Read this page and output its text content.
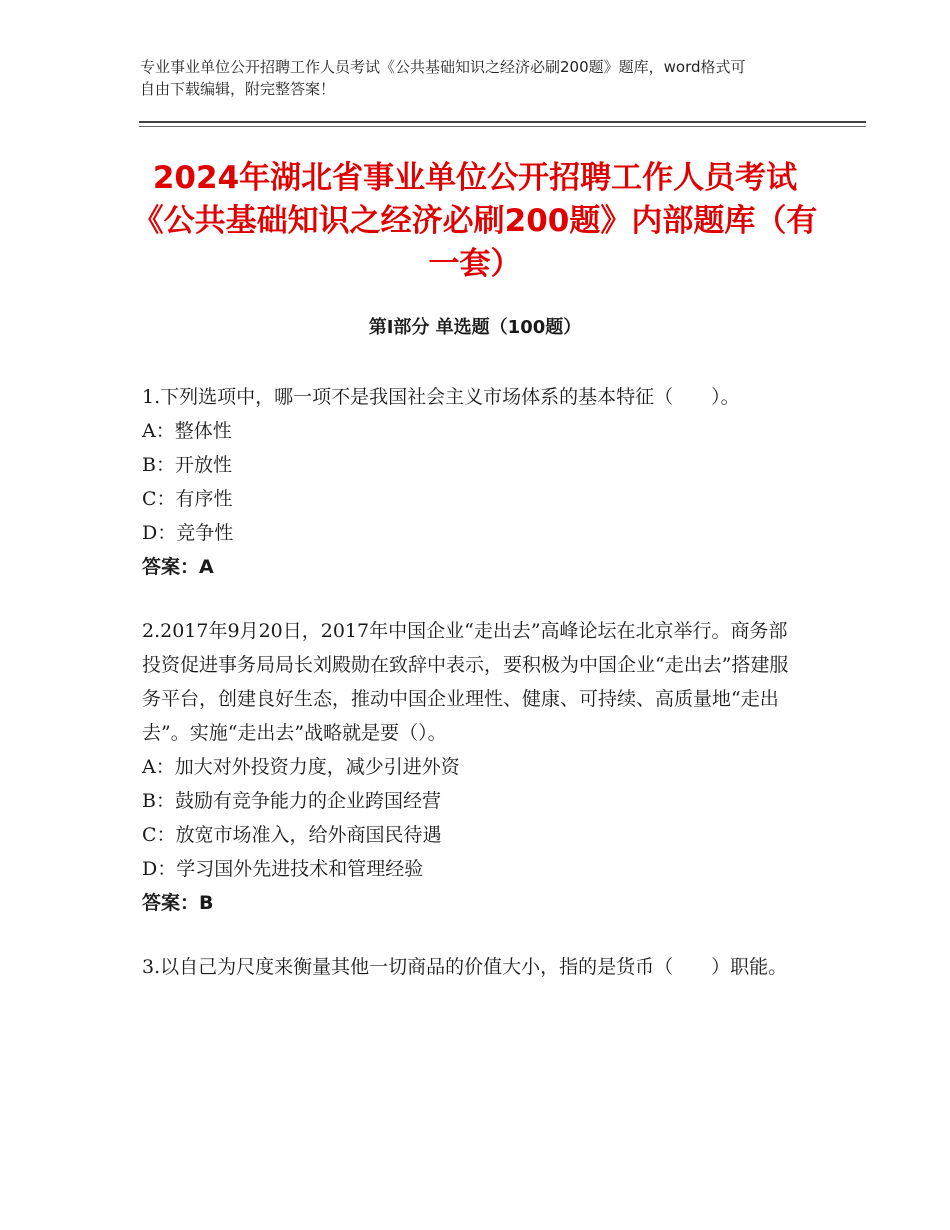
专业事业单位公开招聘工作人员考试《公共基础知识之经济必刷200题》题库，word格式可自由下载编辑，附完整答案！
2024年湖北省事业单位公开招聘工作人员考试《公共基础知识之经济必刷200题》内部题库（有一套）
第Ⅰ部分 单选题（100题）

1.下列选项中，哪一项不是我国社会主义市场体系的基本特征（　　）。

A：整体性

B：开放性

C：有序性

D：竞争性

答案：A

2.2017年9月20日，2017年中国企业“走出去”高峰论坛在北京举行。商务部投资促进事务局局长刘殿勋在致辞中表示，要积极为中国企业“走出去”搭建服务平台，创建良好生态，推动中国企业理性、健康、可持续、高质量地“走出去”。实施“走出去”战略就是要（）。

A：加大对外投资力度，减少引进外资

B：鼓励有竞争能力的企业跨国经营

C：放宽市场准入，给外商国民待遇

D：学习国外先进技术和管理经验

答案：B

3.以自己为尺度来衡量其他一切商品的价值大小，指的是货币（　　）职能。
